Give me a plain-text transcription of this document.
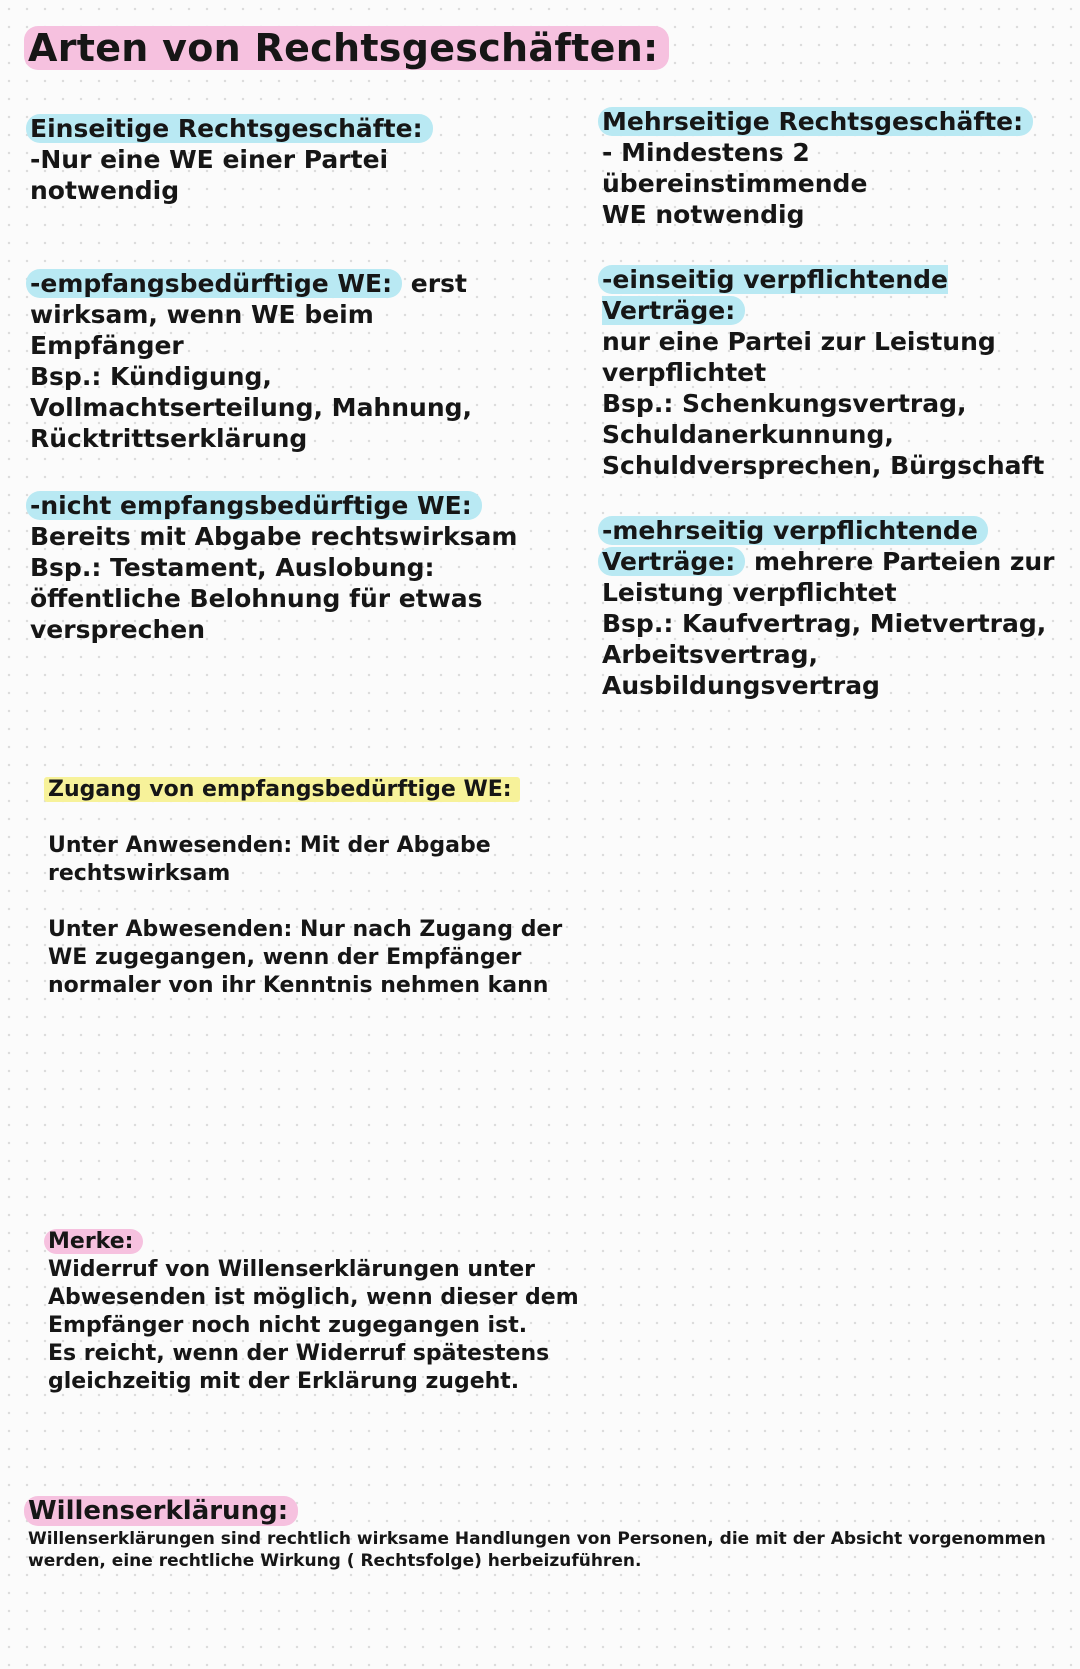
Arten von Rechtsgeschäften:
Einseitige Rechtsgeschäfte:
-Nur eine WE einer Partei notwendig
-empfangsbedürftige WE: erst
wirksam, wenn WE beim Empfänger
Bsp.: Kündigung,
Vollmachtserteilung, Mahnung,
Rücktrittserklärung
-nicht empfangsbedürftige WE:
Bereits mit Abgabe rechtswirksam
Bsp.: Testament, Auslobung:
öffentliche Belohnung für etwas
versprechen
Mehrseitige Rechtsgeschäfte:
- Mindestens 2 übereinstimmende
WE notwendig
-einseitig verpflichtende Verträge:
nur eine Partei zur Leistung
verpflichtet
Bsp.: Schenkungsvertrag,
Schuldanerkunnung,
Schuldversprechen, Bürgschaft
-mehrseitig verpflichtende
Verträge: mehrere Parteien zur
Leistung verpflichtet
Bsp.: Kaufvertrag, Mietvertrag,
Arbeitsvertrag,
Ausbildungsvertrag
Zugang von empfangsbedürftige WE:
Unter Anwesenden: Mit der Abgabe
rechtswirksam
Unter Abwesenden: Nur nach Zugang der
WE zugegangen, wenn der Empfänger
normaler von ihr Kenntnis nehmen kann
Merke:
Widerruf von Willenserklärungen unter
Abwesenden ist möglich, wenn dieser dem
Empfänger noch nicht zugegangen ist.
Es reicht, wenn der Widerruf spätestens
gleichzeitig mit der Erklärung zugeht.
Willenserklärung:
Willenserklärungen sind rechtlich wirksame Handlungen von Personen, die mit der Absicht vorgenommen
werden, eine rechtliche Wirkung ( Rechtsfolge) herbeizuführen.
